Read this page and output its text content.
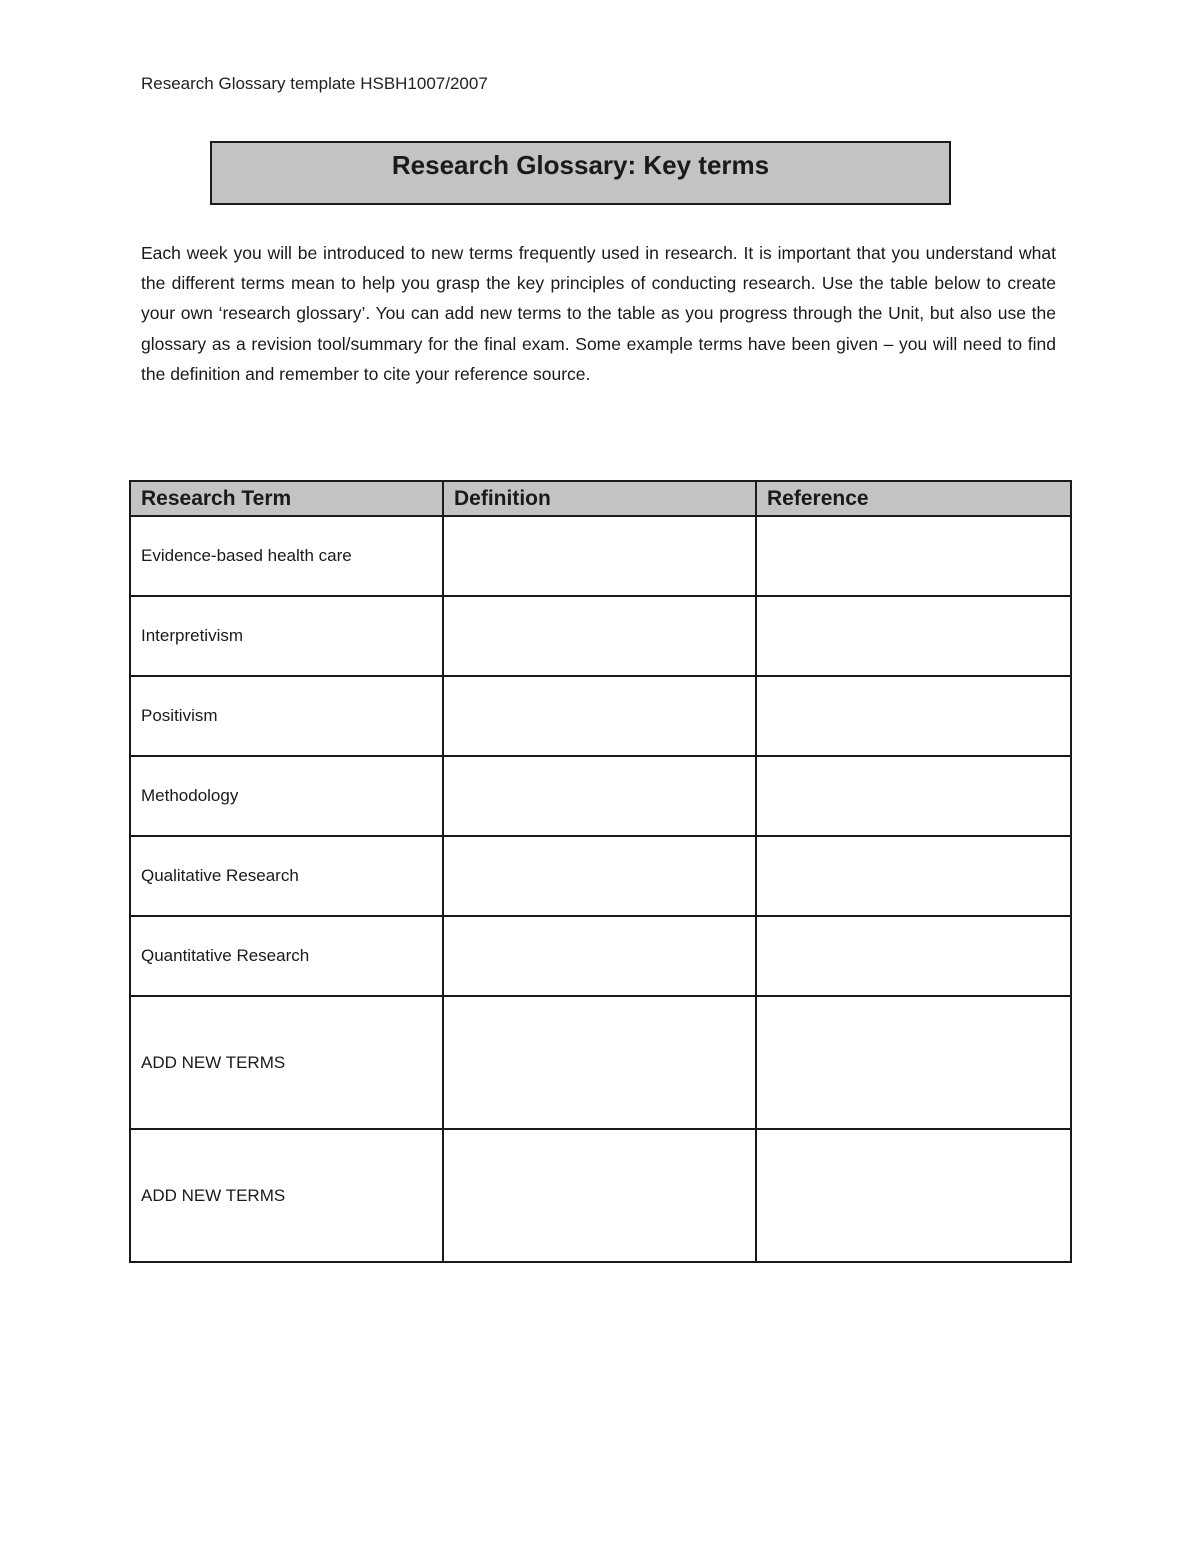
Research Glossary template HSBH1007/2007
Research Glossary: Key terms

Each week you will be introduced to new terms frequently used in research. It is important that you understand what the different terms mean to help you grasp the key principles of conducting research. Use the table below to create your own ‘research glossary’. You can add new terms to the table as you progress through the Unit, but also use the glossary as a revision tool/summary for the final exam. Some example terms have been given – you will need to find the definition and remember to cite your reference source.

Research Term	Definition	Reference
Evidence-based health care		
Interpretivism		
Positivism		
Methodology		
Qualitative Research		
Quantitative Research		
ADD NEW TERMS		
ADD NEW TERMS		
